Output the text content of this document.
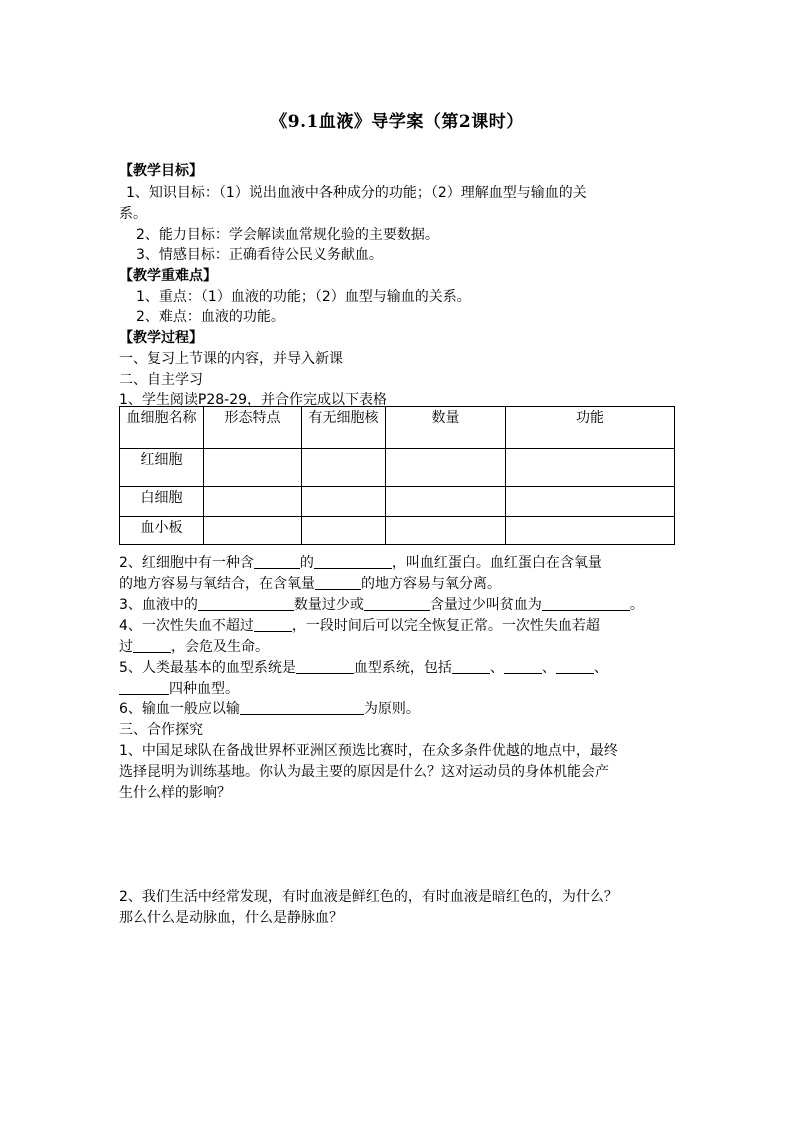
《9.1血液》导学案（第2课时）
【教学目标】
1、知识目标：（1）说出血液中各种成分的功能；（2）理解血型与输血的关
系。
2、能力目标：学会解读血常规化验的主要数据。
3、情感目标：正确看待公民义务献血。
【教学重难点】
1、重点：（1）血液的功能；（2）血型与输血的关系。
2、难点：血液的功能。
【教学过程】
一、复习上节课的内容，并导入新课
二、自主学习
1、学生阅读P28-29，并合作完成以下表格
血细胞名称	形态特点	有无细胞核	数量	功能
红细胞				
白细胞				
血小板				
2、红细胞中有一种含	的	，叫血红蛋白。血红蛋白在含氧量
的地方容易与氧结合，在含氧量	的地方容易与氧分离。
3、血液中的	数量过少或	含量过少叫贫血为	。
4、一次性失血不超过	，一段时间后可以完全恢复正常。一次性失血若超
过	，会危及生命。
5、人类最基本的血型系统是	血型系统，包括	、	、	、
四种血型。
6、输血一般应以输	为原则。
三、合作探究
1、中国足球队在备战世界杯亚洲区预选比赛时，在众多条件优越的地点中，最终
选择昆明为训练基地。你认为最主要的原因是什么？这对运动员的身体机能会产
生什么样的影响？
2、我们生活中经常发现，有时血液是鲜红色的，有时血液是暗红色的，为什么？
那么什么是动脉血，什么是静脉血？
